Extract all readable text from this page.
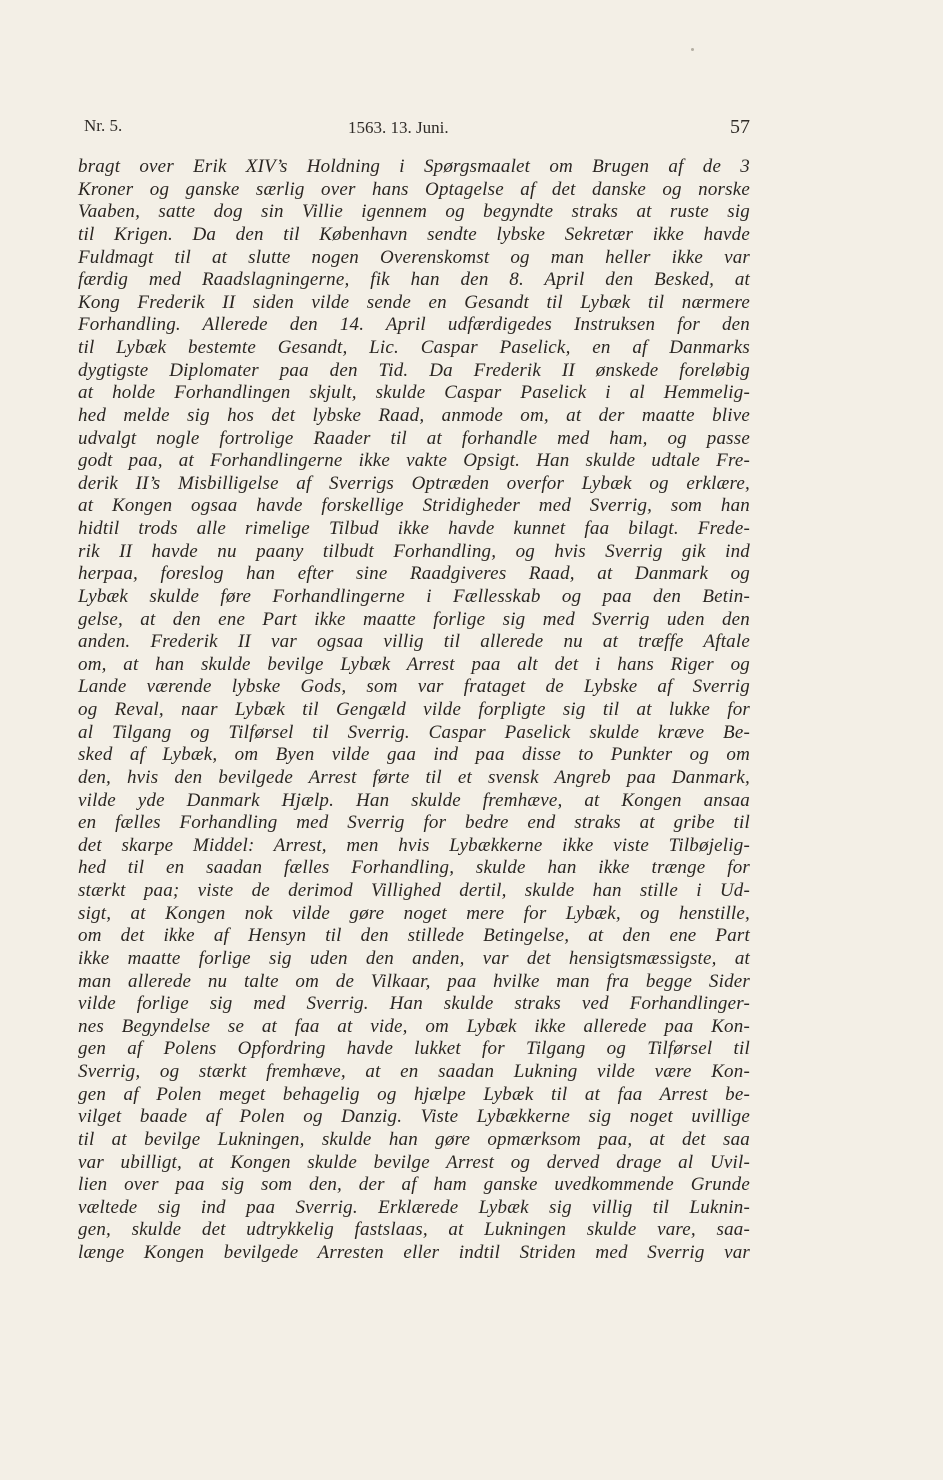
Nr. 5.	1563. 13. Juni.	57
bragt over Erik XIV’s Holdning i Spørgsmaalet om Brugen af de 3
Kroner og ganske særlig over hans Optagelse af det danske og norske
Vaaben, satte dog sin Villie igennem og begyndte straks at ruste sig
til Krigen. Da den til København sendte lybske Sekretær ikke havde
Fuldmagt til at slutte nogen Overenskomst og man heller ikke var
færdig med Raadslagningerne, fik han den 8. April den Besked, at
Kong Frederik II siden vilde sende en Gesandt til Lybæk til nærmere
Forhandling. Allerede den 14. April udfærdigedes Instruksen for den
til Lybæk bestemte Gesandt, Lic. Caspar Paselick, en af Danmarks
dygtigste Diplomater paa den Tid. Da Frederik II ønskede foreløbig
at holde Forhandlingen skjult, skulde Caspar Paselick i al Hemmelig-
hed melde sig hos det lybske Raad, anmode om, at der maatte blive
udvalgt nogle fortrolige Raader til at forhandle med ham, og passe
godt paa, at Forhandlingerne ikke vakte Opsigt. Han skulde udtale Fre-
derik II’s Misbilligelse af Sverrigs Optræden overfor Lybæk og erklære,
at Kongen ogsaa havde forskellige Stridigheder med Sverrig, som han
hidtil trods alle rimelige Tilbud ikke havde kunnet faa bilagt. Frede-
rik II havde nu paany tilbudt Forhandling, og hvis Sverrig gik ind
herpaa, foreslog han efter sine Raadgiveres Raad, at Danmark og
Lybæk skulde føre Forhandlingerne i Fællesskab og paa den Betin-
gelse, at den ene Part ikke maatte forlige sig med Sverrig uden den
anden. Frederik II var ogsaa villig til allerede nu at træffe Aftale
om, at han skulde bevilge Lybæk Arrest paa alt det i hans Riger og
Lande værende lybske Gods, som var frataget de Lybske af Sverrig
og Reval, naar Lybæk til Gengæld vilde forpligte sig til at lukke for
al Tilgang og Tilførsel til Sverrig. Caspar Paselick skulde kræve Be-
sked af Lybæk, om Byen vilde gaa ind paa disse to Punkter og om
den, hvis den bevilgede Arrest førte til et svensk Angreb paa Danmark,
vilde yde Danmark Hjælp. Han skulde fremhæve, at Kongen ansaa
en fælles Forhandling med Sverrig for bedre end straks at gribe til
det skarpe Middel: Arrest, men hvis Lybækkerne ikke viste Tilbøjelig-
hed til en saadan fælles Forhandling, skulde han ikke trænge for
stærkt paa; viste de derimod Villighed dertil, skulde han stille i Ud-
sigt, at Kongen nok vilde gøre noget mere for Lybæk, og henstille,
om det ikke af Hensyn til den stillede Betingelse, at den ene Part
ikke maatte forlige sig uden den anden, var det hensigtsmæssigste, at
man allerede nu talte om de Vilkaar, paa hvilke man fra begge Sider
vilde forlige sig med Sverrig. Han skulde straks ved Forhandlinger-
nes Begyndelse se at faa at vide, om Lybæk ikke allerede paa Kon-
gen af Polens Opfordring havde lukket for Tilgang og Tilførsel til
Sverrig, og stærkt fremhæve, at en saadan Lukning vilde være Kon-
gen af Polen meget behagelig og hjælpe Lybæk til at faa Arrest be-
vilget baade af Polen og Danzig. Viste Lybækkerne sig noget uvillige
til at bevilge Lukningen, skulde han gøre opmærksom paa, at det saa
var ubilligt, at Kongen skulde bevilge Arrest og derved drage al Uvil-
lien over paa sig som den, der af ham ganske uvedkommende Grunde
væltede sig ind paa Sverrig. Erklærede Lybæk sig villig til Luknin-
gen, skulde det udtrykkelig fastslaas, at Lukningen skulde vare, saa-
længe Kongen bevilgede Arresten eller indtil Striden med Sverrig var
